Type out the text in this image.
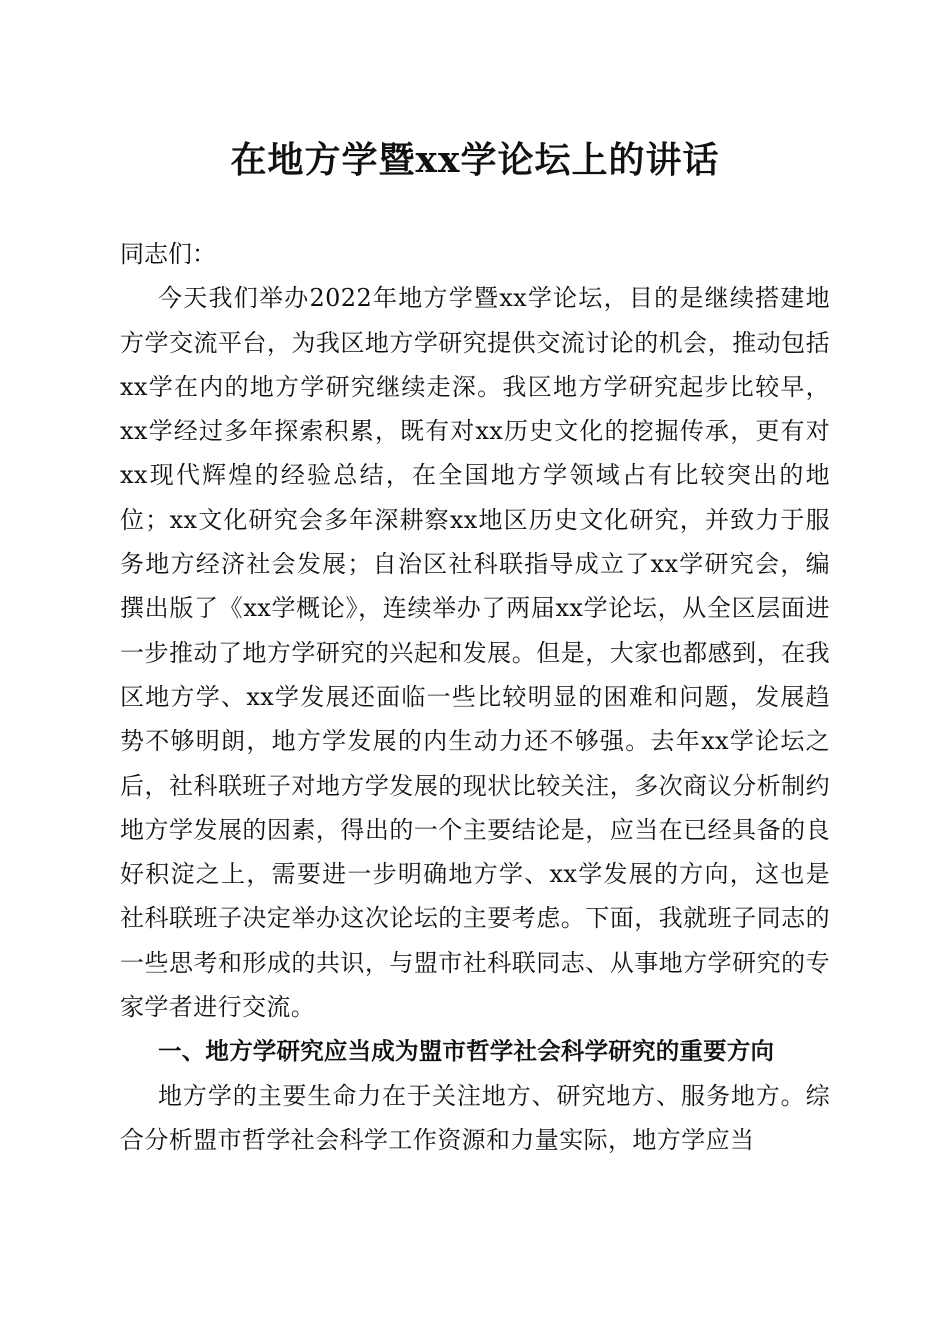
在地方学暨xx学论坛上的讲话

同志们：

今天我们举办2022年地方学暨xx学论坛，目的是继续搭建地方学交流平台，为我区地方学研究提供交流讨论的机会，推动包括xx学在内的地方学研究继续走深。我区地方学研究起步比较早，xx学经过多年探索积累，既有对xx历史文化的挖掘传承，更有对xx现代辉煌的经验总结，在全国地方学领域占有比较突出的地位；xx文化研究会多年深耕察xx地区历史文化研究，并致力于服务地方经济社会发展；自治区社科联指导成立了xx学研究会，编撰出版了《xx学概论》，连续举办了两届xx学论坛，从全区层面进一步推动了地方学研究的兴起和发展。但是，大家也都感到，在我区地方学、xx学发展还面临一些比较明显的困难和问题，发展趋势不够明朗，地方学发展的内生动力还不够强。去年xx学论坛之后，社科联班子对地方学发展的现状比较关注，多次商议分析制约地方学发展的因素，得出的一个主要结论是，应当在已经具备的良好积淀之上，需要进一步明确地方学、xx学发展的方向，这也是社科联班子决定举办这次论坛的主要考虑。下面，我就班子同志的一些思考和形成的共识，与盟市社科联同志、从事地方学研究的专家学者进行交流。

一、地方学研究应当成为盟市哲学社会科学研究的重要方向

地方学的主要生命力在于关注地方、研究地方、服务地方。综合分析盟市哲学社会科学工作资源和力量实际，地方学应当
